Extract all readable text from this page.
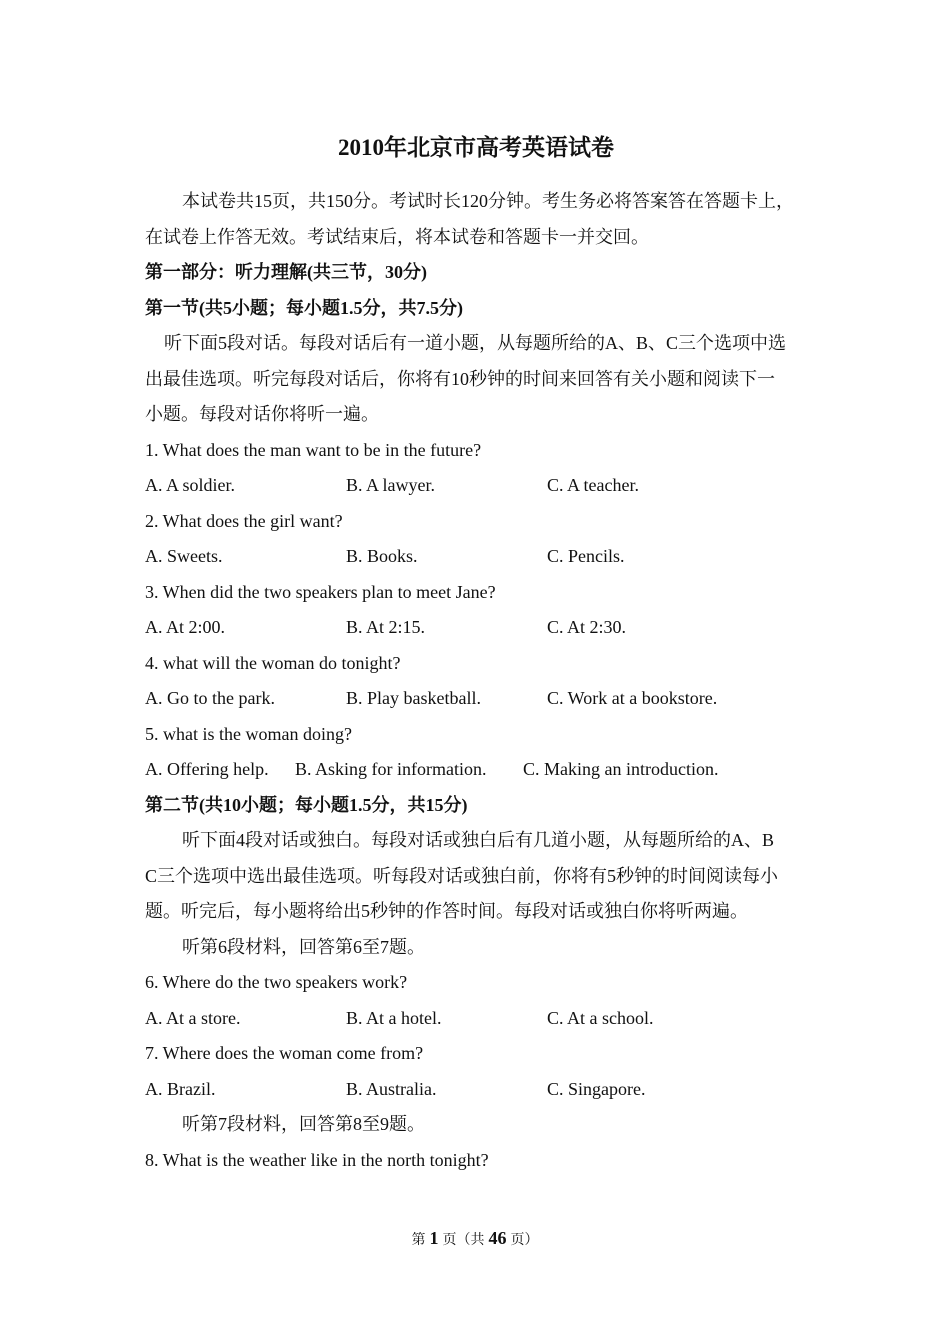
2010年北京市高考英语试卷
本试卷共15页，共150分。考试时长120分钟。考生务必将答案答在答题卡上，
在试卷上作答无效。考试结束后，将本试卷和答题卡一并交回。
第一部分：听力理解(共三节，30分)
第一节(共5小题；每小题1.5分，共7.5分)
听下面5段对话。每段对话后有一道小题，从每题所给的A、B、C三个选项中选
出最佳选项。听完每段对话后，你将有10秒钟的时间来回答有关小题和阅读下一
小题。每段对话你将听一遍。
1. What does the man want to be in the future?
A. A soldier.	B. A lawyer.	C. A teacher.
2. What does the girl want?
A. Sweets.	B. Books.	C. Pencils.
3. When did the two speakers plan to meet Jane?
A. At 2:00.	B. At 2:15.	C. At 2:30.
4. what will the woman do tonight?
A. Go to the park.	B. Play basketball.	C. Work at a bookstore.
5. what is the woman doing?
A. Offering help. B. Asking for information. C. Making an introduction.
第二节(共10小题；每小题1.5分，共15分)
听下面4段对话或独白。每段对话或独白后有几道小题，从每题所给的A、B
C三个选项中选出最佳选项。听每段对话或独白前，你将有5秒钟的时间阅读每小
题。听完后，每小题将给出5秒钟的作答时间。每段对话或独白你将听两遍。
听第6段材料，回答第6至7题。
6. Where do the two speakers work?
A. At a store.	B. At a hotel.	C. At a school.
7. Where does the woman come from?
A. Brazil.	B. Australia.	C. Singapore.
听第7段材料，回答第8至9题。
8. What is the weather like in the north tonight?
第 1 页（共 46 页）
